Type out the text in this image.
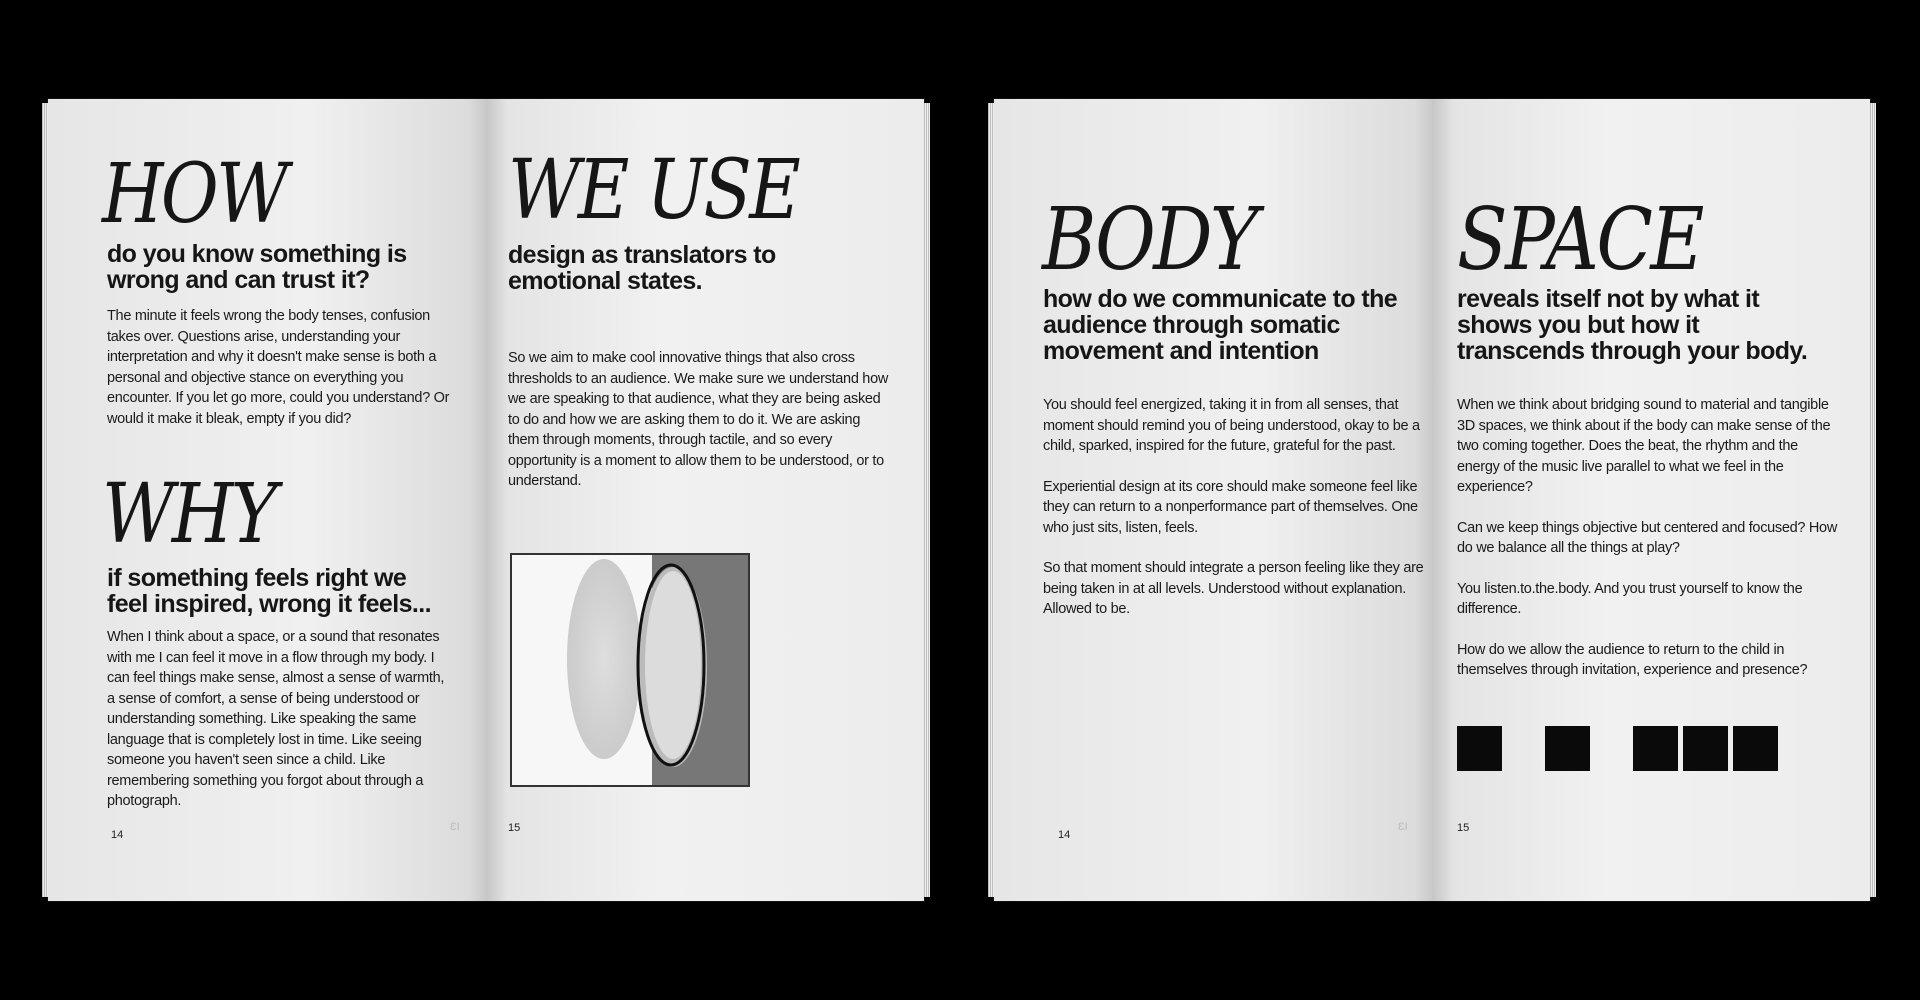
HOW
do you know something is wrong and can trust it?
The minute it feels wrong the body tenses, confusion takes over. Questions arise, understanding your interpretation and why it doesn't make sense is both a personal and objective stance on everything you encounter. If you let go more, could you understand? Or would it make it bleak, empty if you did?
WHY
if something feels right we feel inspired, wrong it feels...
When I think about a space, or a sound that resonates with me I can feel it move in a flow through my body. I can feel things make sense, almost a sense of warmth, a sense of comfort, a sense of being understood or understanding something. Like speaking the same language that is completely lost in time. Like seeing someone you haven't seen since a child. Like remembering something you forgot about through a photograph.
14
ƐΙ
WE USE
design as translators to emotional states.
So we aim to make cool innovative things that also cross thresholds to an audience. We make sure we understand how we are speaking to that audience, what they are being asked to do and how we are asking them to do it. We are asking them through moments, through tactile, and so every opportunity is a moment to allow them to be understood, or to understand.
15
BODY
how do we communicate to the audience through somatic movement and intention

You should feel energized, taking it in from all senses, that moment should remind you of being understood, okay to be a child, sparked, inspired for the future, grateful for the past.

Experiential design at its core should make someone feel like they can return to a nonperformance part of themselves. One who just sits, listen, feels.

So that moment should integrate a person feeling like they are being taken in at all levels. Understood without explanation. Allowed to be.

14
ƐΙ
SPACE
reveals itself not by what it shows you but how it transcends through your body.

When we think about bridging sound to material and tangible 3D spaces, we think about if the body can make sense of the two coming together. Does the beat, the rhythm and the energy of the music live parallel to what we feel in the experience?

Can we keep things objective but centered and focused? How do we balance all the things at play?

You listen.to.the.body. And you trust yourself to know the difference.

How do we allow the audience to return to the child in themselves through invitation, experience and presence?

15
